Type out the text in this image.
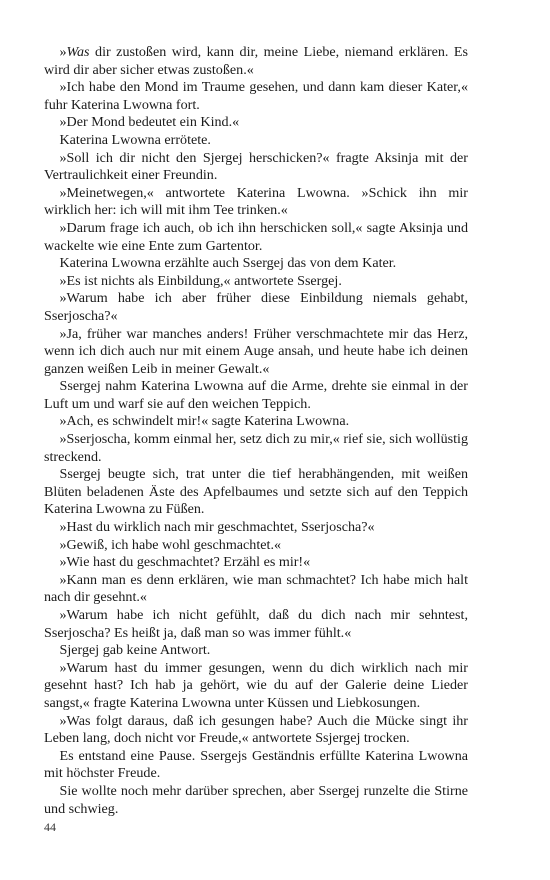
»Was dir zustoßen wird, kann dir, meine Liebe, niemand erklären. Es wird dir aber sicher etwas zustoßen.«

»Ich habe den Mond im Traume gesehen, und dann kam dieser Kater,« fuhr Katerina Lwowna fort.

»Der Mond bedeutet ein Kind.«

Katerina Lwowna errötete.

»Soll ich dir nicht den Sjergej herschicken?« fragte Aksinja mit der Vertraulichkeit einer Freundin.

»Meinetwegen,« antwortete Katerina Lwowna. »Schick ihn mir wirklich her: ich will mit ihm Tee trinken.«

»Darum frage ich auch, ob ich ihn herschicken soll,« sagte Aksinja und wackelte wie eine Ente zum Gartentor.

Katerina Lwowna erzählte auch Ssergej das von dem Kater.

»Es ist nichts als Einbildung,« antwortete Ssergej.

»Warum habe ich aber früher diese Einbildung niemals gehabt, Sserjoscha?«

»Ja, früher war manches anders! Früher verschmachtete mir das Herz, wenn ich dich auch nur mit einem Auge ansah, und heute habe ich deinen ganzen weißen Leib in meiner Gewalt.«

Ssergej nahm Katerina Lwowna auf die Arme, drehte sie einmal in der Luft um und warf sie auf den weichen Teppich.

»Ach, es schwindelt mir!« sagte Katerina Lwowna.

»Sserjoscha, komm einmal her, setz dich zu mir,« rief sie, sich wollüstig streckend.

Ssergej beugte sich, trat unter die tief herabhängenden, mit weißen Blüten beladenen Äste des Apfelbaumes und setzte sich auf den Teppich Katerina Lwowna zu Füßen.

»Hast du wirklich nach mir geschmachtet, Sserjoscha?«

»Gewiß, ich habe wohl geschmachtet.«

»Wie hast du geschmachtet? Erzähl es mir!«

»Kann man es denn erklären, wie man schmachtet? Ich habe mich halt nach dir gesehnt.«

»Warum habe ich nicht gefühlt, daß du dich nach mir sehntest, Sserjoscha? Es heißt ja, daß man so was immer fühlt.«

Sjergej gab keine Antwort.

»Warum hast du immer gesungen, wenn du dich wirklich nach mir gesehnt hast? Ich hab ja gehört, wie du auf der Galerie deine Lieder sangst,« fragte Katerina Lwowna unter Küssen und Liebkosungen.

»Was folgt daraus, daß ich gesungen habe? Auch die Mücke singt ihr Leben lang, doch nicht vor Freude,« antwortete Ssjergej trocken.

Es entstand eine Pause. Ssergejs Geständnis erfüllte Katerina Lwowna mit höchster Freude.

Sie wollte noch mehr darüber sprechen, aber Ssergej runzelte die Stirne und schwieg.

44
